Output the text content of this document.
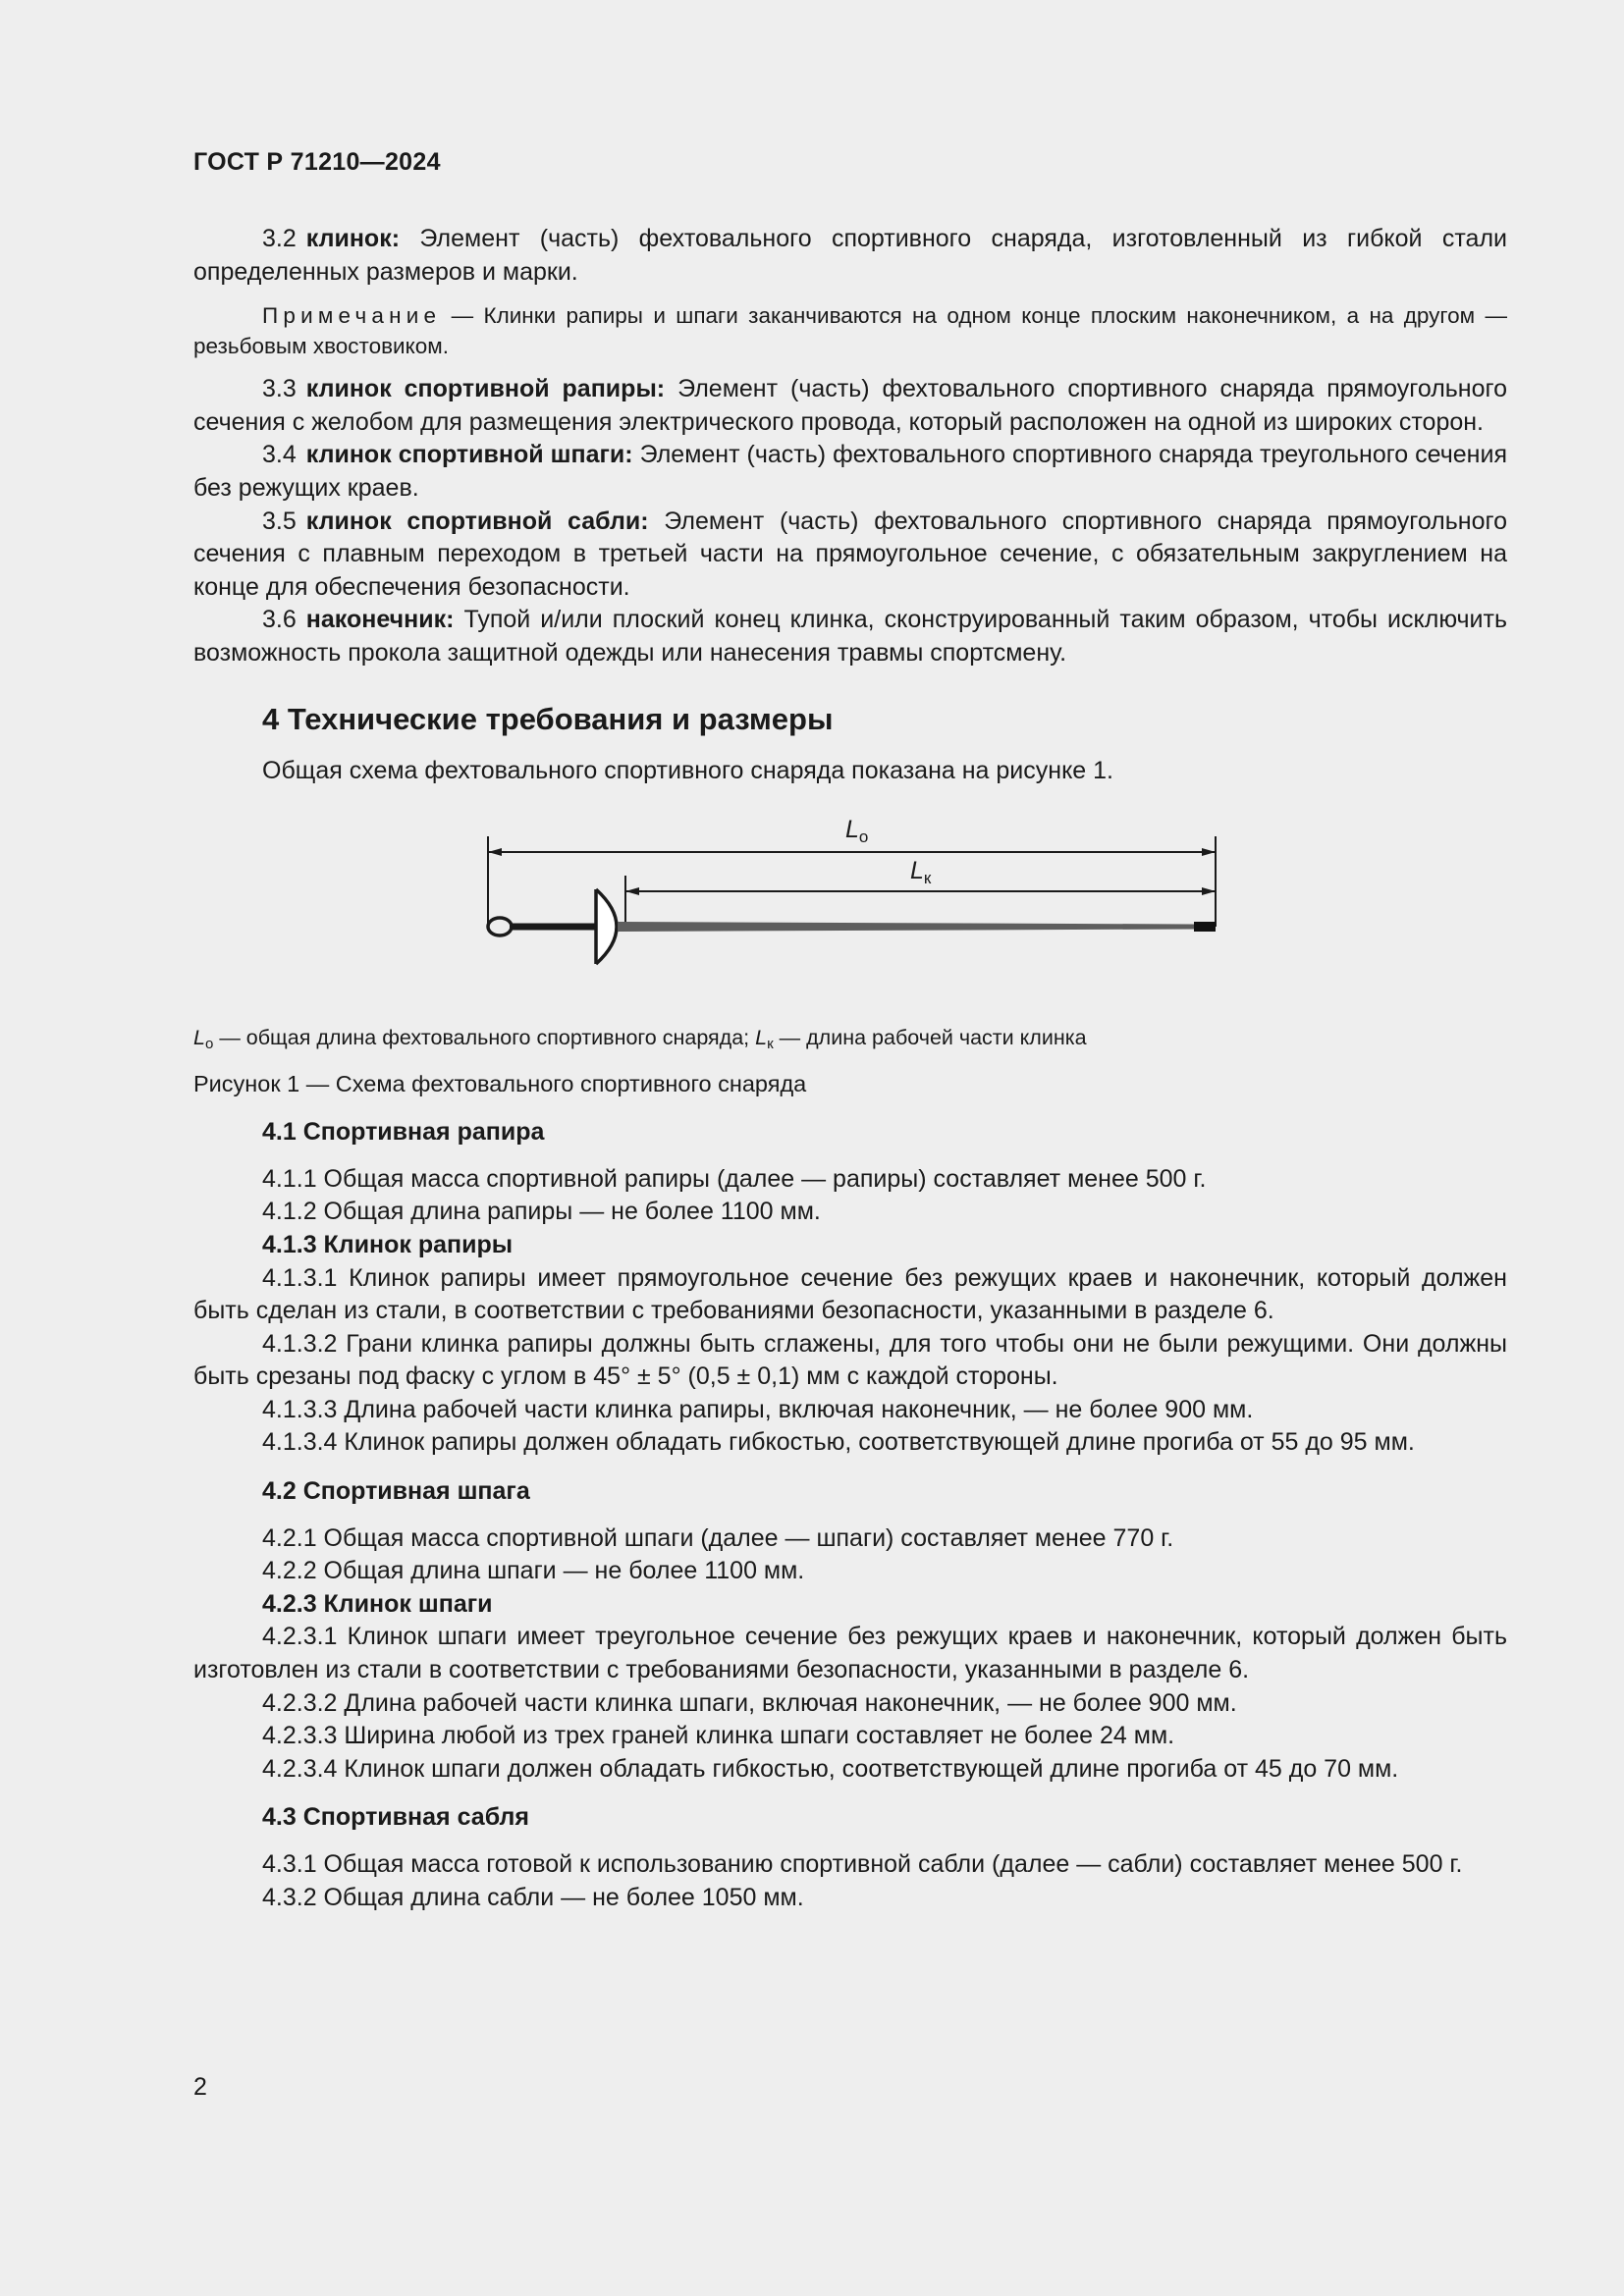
ГОСТ Р 71210—2024

3.2 клинок: Элемент (часть) фехтовального спортивного снаряда, изготовленный из гибкой стали определенных размеров и марки.

Примечание — Клинки рапиры и шпаги заканчиваются на одном конце плоским наконечником, а на другом — резьбовым хвостовиком.

3.3 клинок спортивной рапиры: Элемент (часть) фехтовального спортивного снаряда прямоугольного сечения с желобом для размещения электрического провода, который расположен на одной из широких сторон.

3.4 клинок спортивной шпаги: Элемент (часть) фехтовального спортивного снаряда треугольного сечения без режущих краев.

3.5 клинок спортивной сабли: Элемент (часть) фехтовального спортивного снаряда прямоугольного сечения с плавным переходом в третьей части на прямоугольное сечение, с обязательным закруглением на конце для обеспечения безопасности.

3.6 наконечник: Тупой и/или плоский конец клинка, сконструированный таким образом, чтобы исключить возможность прокола защитной одежды или нанесения травмы спортсмену.

4 Технические требования и размеры

Общая схема фехтовального спортивного снаряда показана на рисунке 1.

$L_о$
$L_к$

$L_о$ — общая длина фехтовального спортивного снаряда; $L_к$ — длина рабочей части клинка

Рисунок 1 — Схема фехтовального спортивного снаряда

4.1 Спортивная рапира

4.1.1 Общая масса спортивной рапиры (далее — рапиры) составляет менее 500 г.

4.1.2 Общая длина рапиры — не более 1100 мм.

4.1.3 Клинок рапиры

4.1.3.1 Клинок рапиры имеет прямоугольное сечение без режущих краев и наконечник, который должен быть сделан из стали, в соответствии с требованиями безопасности, указанными в разделе 6.

4.1.3.2 Грани клинка рапиры должны быть сглажены, для того чтобы они не были режущими. Они должны быть срезаны под фаску с углом в 45° ± 5° (0,5 ± 0,1) мм с каждой стороны.

4.1.3.3 Длина рабочей части клинка рапиры, включая наконечник, — не более 900 мм.

4.1.3.4 Клинок рапиры должен обладать гибкостью, соответствующей длине прогиба от 55 до 95 мм.

4.2 Спортивная шпага

4.2.1 Общая масса спортивной шпаги (далее — шпаги) составляет менее 770 г.

4.2.2 Общая длина шпаги — не более 1100 мм.

4.2.3 Клинок шпаги

4.2.3.1 Клинок шпаги имеет треугольное сечение без режущих краев и наконечник, который должен быть изготовлен из стали в соответствии с требованиями безопасности, указанными в разделе 6.

4.2.3.2 Длина рабочей части клинка шпаги, включая наконечник, — не более 900 мм.

4.2.3.3 Ширина любой из трех граней клинка шпаги составляет не более 24 мм.

4.2.3.4 Клинок шпаги должен обладать гибкостью, соответствующей длине прогиба от 45 до 70 мм.

4.3 Спортивная сабля

4.3.1 Общая масса готовой к использованию спортивной сабли (далее — сабли) составляет менее 500 г.

4.3.2 Общая длина сабли — не более 1050 мм.

2
